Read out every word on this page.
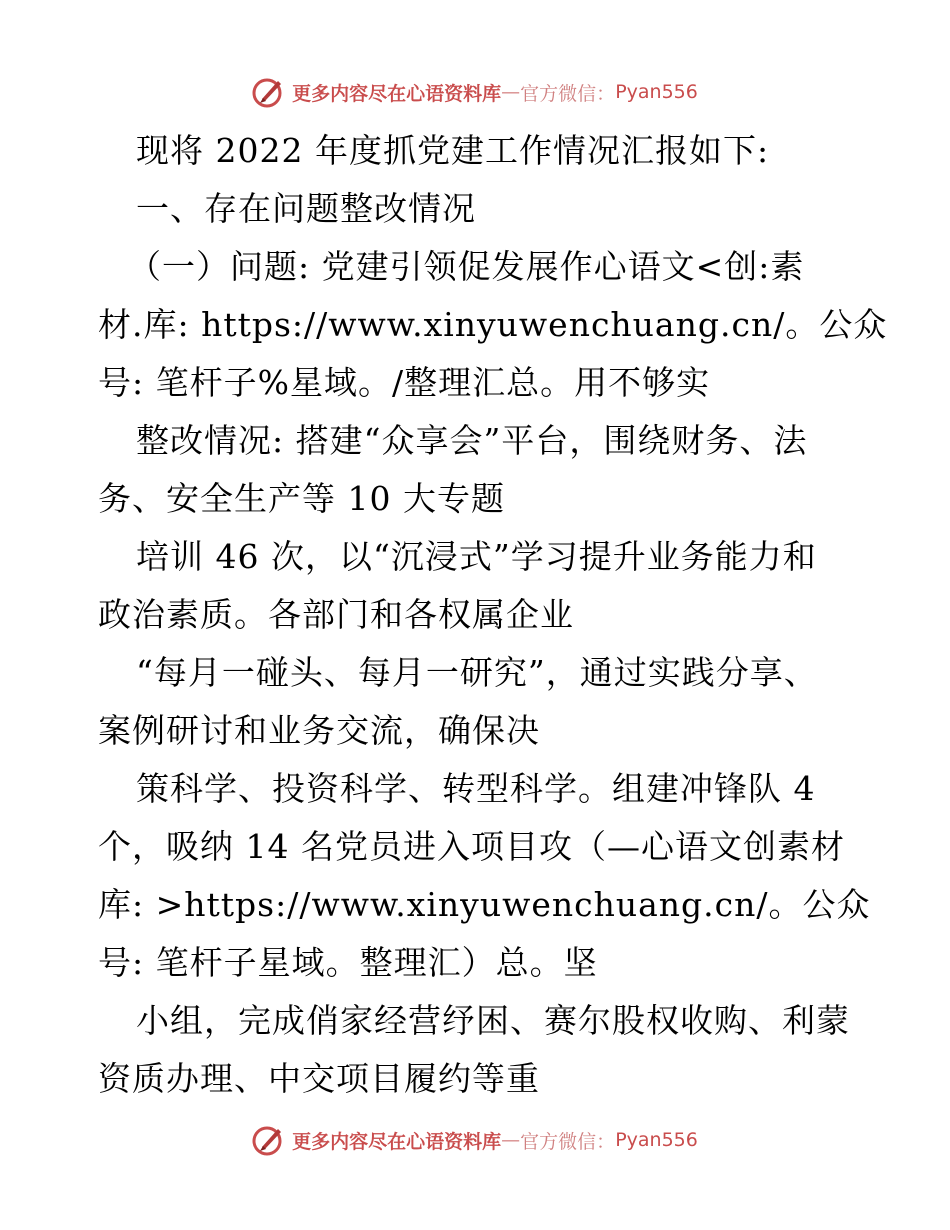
更多内容尽在心语资料库 — 官方微信： Pyan556
现将 2022 年度抓党建工作情况汇报如下:
一、存在问题整改情况
（一）问题: 党建引领促发展作心语文<创:素
材.库: https://www.xinyuwenchuang.cn/。公众
号: 笔杆子%星域。/整理汇总。用不够实
整改情况: 搭建“众享会”平台，围绕财务、法
务、安全生产等 10 大专题
培训 46 次，以“沉浸式”学习提升业务能力和
政治素质。各部门和各权属企业
“每月一碰头、每月一研究”，通过实践分享、
案例研讨和业务交流，确保决
策科学、投资科学、转型科学。组建冲锋队 4
个，吸纳 14 名党员进入项目攻（—心语文创素材
库: >https://www.xinyuwenchuang.cn/。公众
号: 笔杆子星域。整理汇）总。坚
小组，完成俏家经营纾困、赛尔股权收购、利蒙
资质办理、中交项目履约等重
更多内容尽在心语资料库 — 官方微信： Pyan556
